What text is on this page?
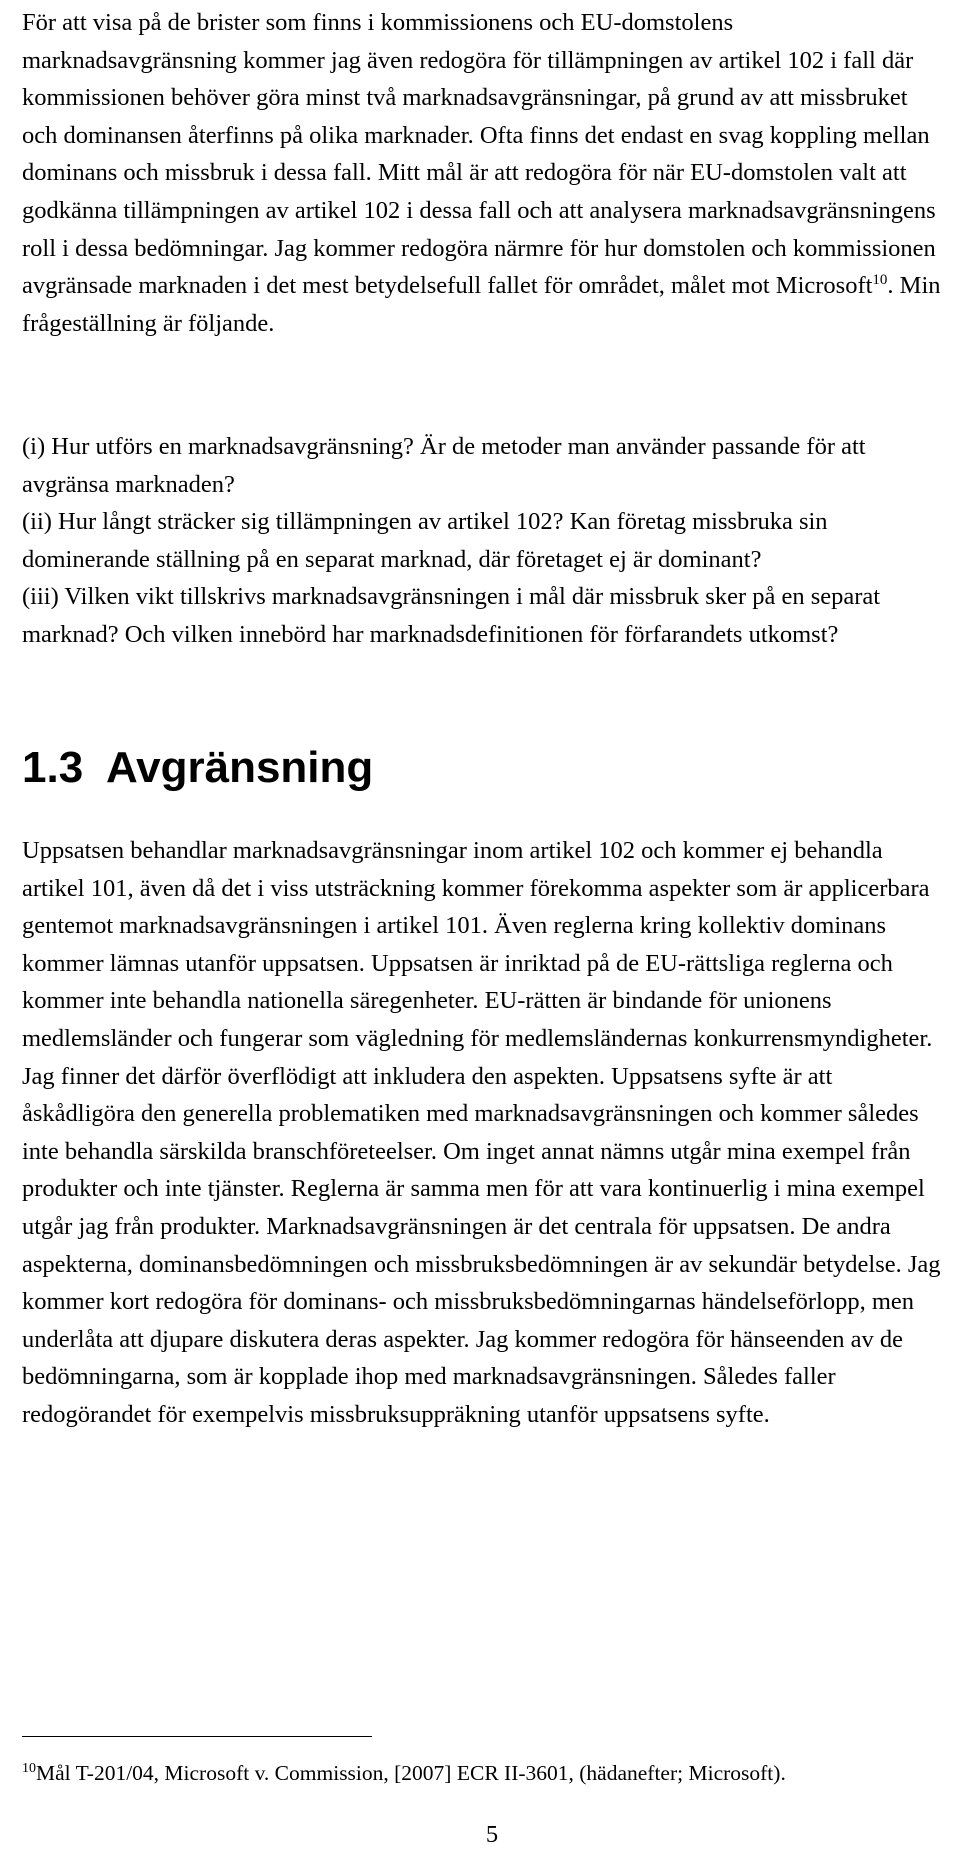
För att visa på de brister som finns i kommissionens och EU-domstolens marknadsavgränsning kommer jag även redogöra för tillämpningen av artikel 102 i fall där kommissionen behöver göra minst två marknadsavgränsningar, på grund av att missbruket och dominansen återfinns på olika marknader. Ofta finns det endast en svag koppling mellan dominans och missbruk i dessa fall. Mitt mål är att redogöra för när EU-domstolen valt att godkänna tillämpningen av artikel 102 i dessa fall och att analysera marknadsavgränsningens roll i dessa bedömningar. Jag kommer redogöra närmre för hur domstolen och kommissionen avgränsade marknaden i det mest betydelsefull fallet för området, målet mot Microsoft$^{10}$. Min frågeställning är följande.

(i) Hur utförs en marknadsavgränsning? Är de metoder man använder passande för att avgränsa marknaden?
(ii) Hur långt sträcker sig tillämpningen av artikel 102? Kan företag missbruka sin dominerande ställning på en separat marknad, där företaget ej är dominant?
(iii) Vilken vikt tillskrivs marknadsavgränsningen i mål där missbruk sker på en separat marknad? Och vilken innebörd har marknadsdefinitionen för förfarandets utkomst?
1.3 Avgränsning

Uppsatsen behandlar marknadsavgränsningar inom artikel 102 och kommer ej behandla artikel 101, även då det i viss utsträckning kommer förekomma aspekter som är applicerbara gentemot marknadsavgränsningen i artikel 101. Även reglerna kring kollektiv dominans kommer lämnas utanför uppsatsen. Uppsatsen är inriktad på de EU-rättsliga reglerna och kommer inte behandla nationella säregenheter. EU-rätten är bindande för unionens medlemsländer och fungerar som vägledning för medlemsländernas konkurrensmyndigheter. Jag finner det därför överflödigt att inkludera den aspekten. Uppsatsens syfte är att åskådligöra den generella problematiken med marknadsavgränsningen och kommer således inte behandla särskilda branschföreteelser. Om inget annat nämns utgår mina exempel från produkter och inte tjänster. Reglerna är samma men för att vara kontinuerlig i mina exempel utgår jag från produkter. Marknadsavgränsningen är det centrala för uppsatsen. De andra aspekterna, dominansbedömningen och missbruksbedömningen är av sekundär betydelse. Jag kommer kort redogöra för dominans- och missbruksbedömningarnas händelseförlopp, men underlåta att djupare diskutera deras aspekter. Jag kommer redogöra för hänseenden av de bedömningarna, som är kopplade ihop med marknadsavgränsningen. Således faller redogörandet för exempelvis missbruksuppräkning utanför uppsatsens syfte.

$^{10}$Mål T-201/04, Microsoft v. Commission, [2007] ECR II-3601, (hädanefter; Microsoft).

5
